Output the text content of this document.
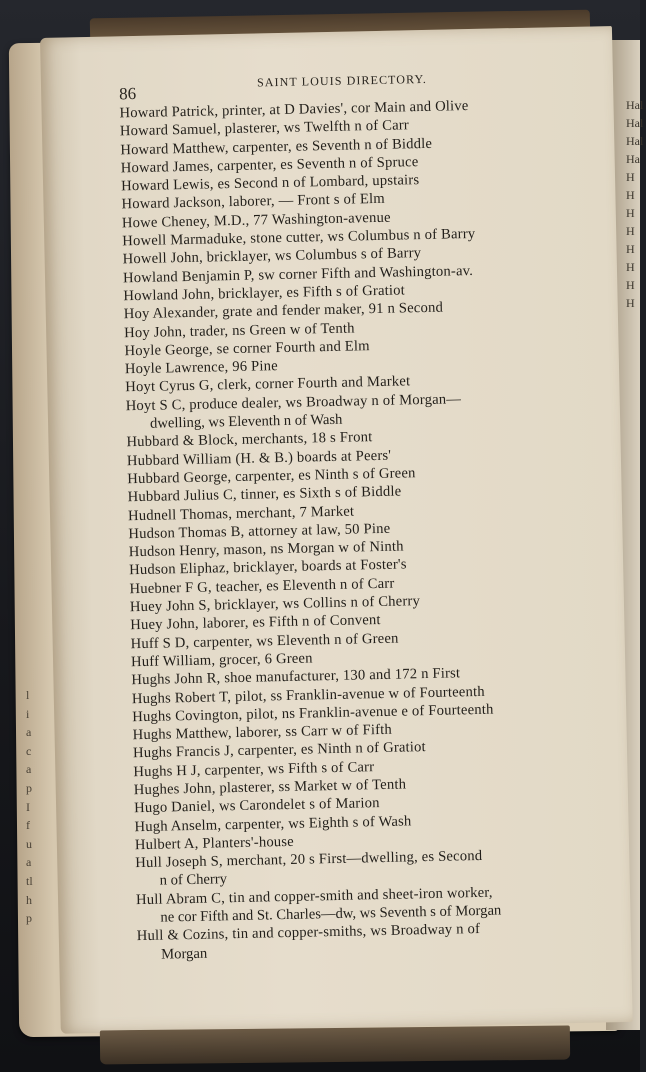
l
i
a
c
a
p
I
f
u
a
tl
h
p
Hal
Hal
Hal
Ha
H
H
H
H
H
H
H
H
86
SAINT LOUIS DIRECTORY.
Howard Patrick, printer, at D Davies', cor Main and Olive
Howard Samuel, plasterer, ws Twelfth n of Carr
Howard Matthew, carpenter, es Seventh n of Biddle
Howard James, carpenter, es Seventh n of Spruce
Howard Lewis, es Second n of Lombard, upstairs
Howard Jackson, laborer, — Front s of Elm
Howe Cheney, M.D., 77 Washington-avenue
Howell Marmaduke, stone cutter, ws Columbus n of Barry
Howell John, bricklayer, ws Columbus s of Barry
Howland Benjamin P, sw corner Fifth and Washington-av.
Howland John, bricklayer, es Fifth s of Gratiot
Hoy Alexander, grate and fender maker, 91 n Second
Hoy John, trader, ns Green w of Tenth
Hoyle George, se corner Fourth and Elm
Hoyle Lawrence, 96 Pine
Hoyt Cyrus G, clerk, corner Fourth and Market
Hoyt S C, produce dealer, ws Broadway n of Morgan—
dwelling, ws Eleventh n of Wash
Hubbard & Block, merchants, 18 s Front
Hubbard William (H. & B.) boards at Peers'
Hubbard George, carpenter, es Ninth s of Green
Hubbard Julius C, tinner, es Sixth s of Biddle
Hudnell Thomas, merchant, 7 Market
Hudson Thomas B, attorney at law, 50 Pine
Hudson Henry, mason, ns Morgan w of Ninth
Hudson Eliphaz, bricklayer, boards at Foster's
Huebner F G, teacher, es Eleventh n of Carr
Huey John S, bricklayer, ws Collins n of Cherry
Huey John, laborer, es Fifth n of Convent
Huff S D, carpenter, ws Eleventh n of Green
Huff William, grocer, 6 Green
Hughs John R, shoe manufacturer, 130 and 172 n First
Hughs Robert T, pilot, ss Franklin-avenue w of Fourteenth
Hughs Covington, pilot, ns Franklin-avenue e of Fourteenth
Hughs Matthew, laborer, ss Carr w of Fifth
Hughs Francis J, carpenter, es Ninth n of Gratiot
Hughs H J, carpenter, ws Fifth s of Carr
Hughes John, plasterer, ss Market w of Tenth
Hugo Daniel, ws Carondelet s of Marion
Hugh Anselm, carpenter, ws Eighth s of Wash
Hulbert A, Planters'-house
Hull Joseph S, merchant, 20 s First—dwelling, es Second
n of Cherry
Hull Abram C, tin and copper-smith and sheet-iron worker,
ne cor Fifth and St. Charles—dw, ws Seventh s of Morgan
Hull & Cozins, tin and copper-smiths, ws Broadway n of
Morgan
